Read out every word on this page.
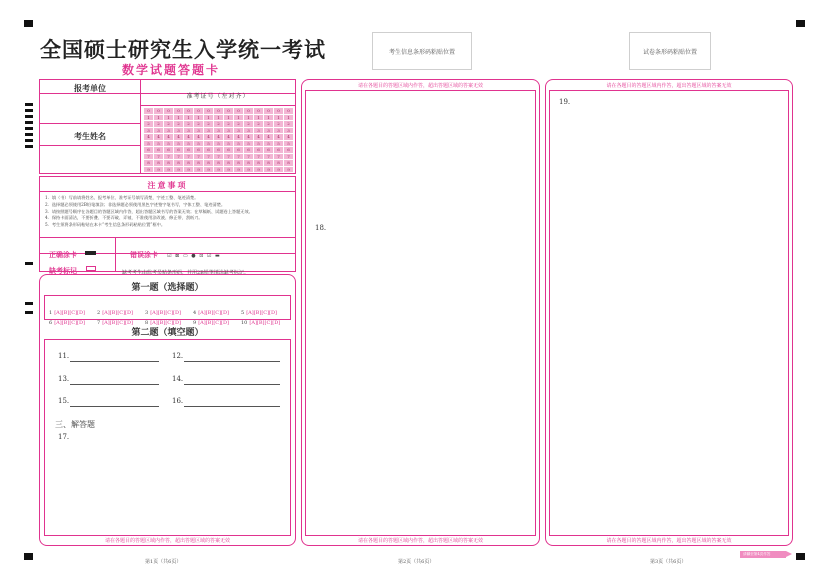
全国硕士研究生入学统一考试
数学试题答题卡
考生信息条形码粘贴位置	试卷条形码粘贴位置
报考单位
考生姓名
准考证号（左对齐）
0	0	0	0	0	0	0	0	0	0	0	0	0	0	0
1	1	1	1	1	1	1	1	1	1	1	1	1	1	1
2	2	2	2	2	2	2	2	2	2	2	2	2	2	2
3	3	3	3	3	3	3	3	3	3	3	3	3	3	3
4	4	4	4	4	4	4	4	4	4	4	4	4	4	4
5	5	5	5	5	5	5	5	5	5	5	5	5	5	5
6	6	6	6	6	6	6	6	6	6	6	6	6	6	6
7	7	7	7	7	7	7	7	7	7	7	7	7	7	7
8	8	8	8	8	8	8	8	8	8	8	8	8	8	8
9	9	9	9	9	9	9	9	9	9	9	9	9	9	9
注意事项
1．填（书）写前请将姓名、报考单位、准考证号填写清楚，字迹工整、笔迹清楚。
2．选择题必须使用2B铅笔填涂；非选择题必须使用黑色字迹签字笔书写，字体工整、笔迹清楚。
3．请按照题号顺序在各题目的答题区域内作答，超出答题区域书写的答案无效；在草稿纸、试题卷上答题无效。
4．保持卡面清洁，不要折叠、不要弄破、弄皱，不准使用涂改液、修正带、刮纸刀。
5．考生须将条形码粘贴在本卡“考生信息条形码粘贴位置”框中。
正确涂卡	错误涂卡 ☑ ⊠ ▭ ● ⊡ ☑ ▬
缺考标记	缺考考生由监考员贴条形码，并用2B铅笔填涂缺考标记。
第一题（选择题）
1 [A][B][C][D] 2 [A][B][C][D] 3 [A][B][C][D] 4 [A][B][C][D] 5 [A][B][C][D]
6 [A][B][C][D] 7 [A][B][C][D] 8 [A][B][C][D] 9 [A][B][C][D] 10 [A][B][C][D]
第二题（填空题）
11.	12.
13.	14.
15.	16.
三、解答题
17.
请在各题目的答题区域内作答，超出答题区域的答案无效
请在各题目的答题区域内作答，超出答题区域的答案无效
18.
请在各题目的答题区域内作答，超出答题区域的答案无效
请在各题目的答题区域内作答，超出答题区域的答案无效
19.
请在各题目的答题区域内作答，超出答题区域的答案无效
第1页（共6页）	第2页（共6页）	第3页（共6页）
请翻至第4页作答
